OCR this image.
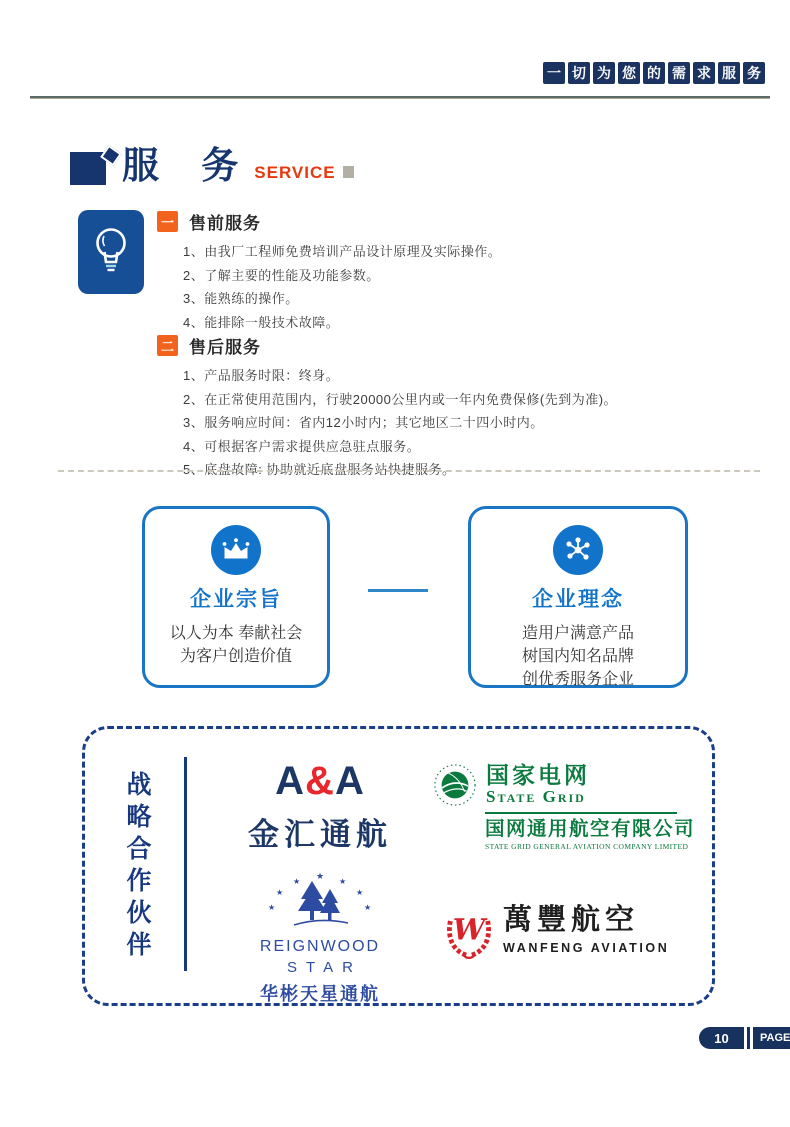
一 切 为 您 的 需 求 服 务
服 务 SERVICE
一 售前服务
1、由我厂工程师免费培训产品设计原理及实际操作。
2、了解主要的性能及功能参数。
3、能熟练的操作。
4、能排除一般技术故障。
二 售后服务
1、产品服务时限：终身。
2、在正常使用范围内，行驶20000公里内或一年内免费保修(先到为准)。
3、服务响应时间：省内12小时内；其它地区二十四小时内。
4、可根据客户需求提供应急驻点服务。
5、底盘故障: 协助就近底盘服务站快捷服务。
企业宗旨
以人为本 奉献社会
为客户创造价值
企业理念
造用户满意产品
树国内知名品牌
创优秀服务企业
战略合作伙伴	A&A
金汇通航
国家电网
State Grid
国网通用航空有限公司
STATE GRID GENERAL AVIATION COMPANY LIMITED
★
★	★
★	★
★	★
REIGNWOOD
STAR
华彬天星通航
W 萬豐航空
WANFENG AVIATION
10	PAGE
